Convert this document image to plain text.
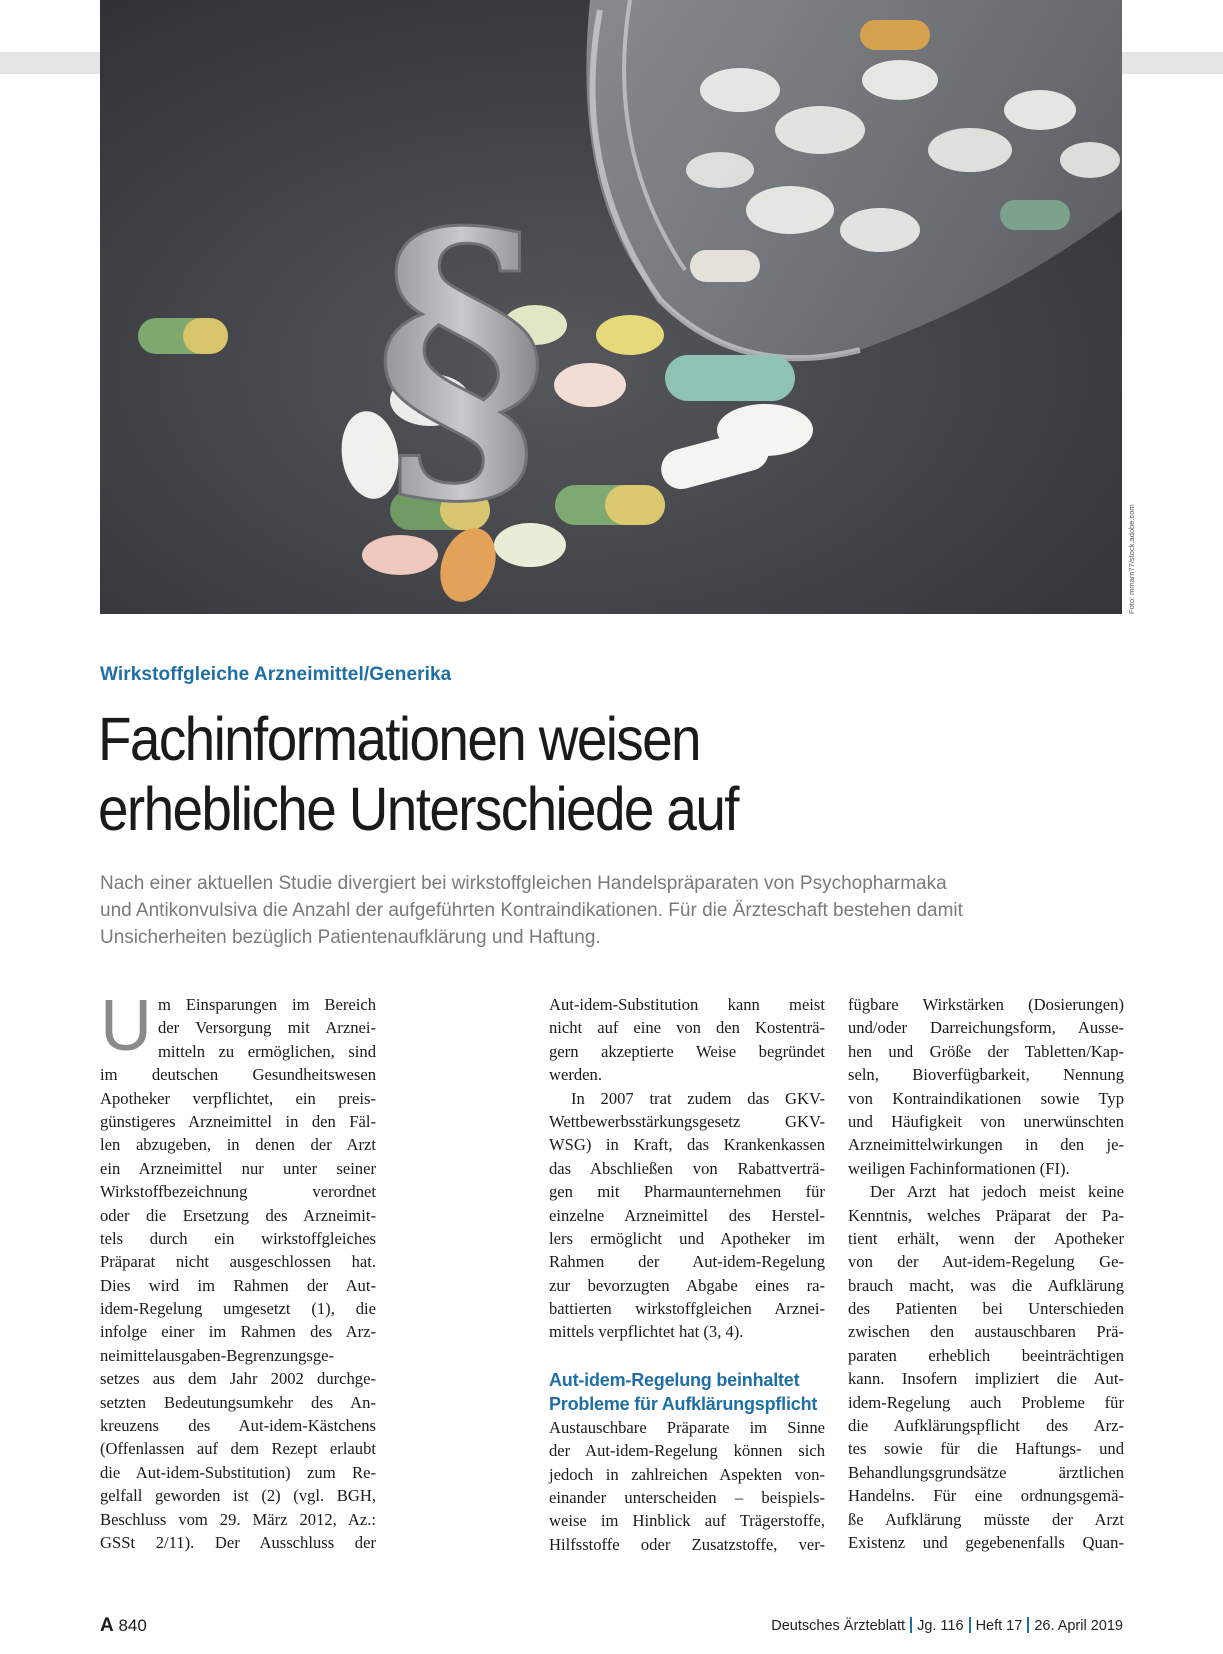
§
Foto: mmarn77/stock.adobe.com
Wirkstoffgleiche Arzneimittel/Generika
Fachinformationen weisen
erhebliche Unterschiede auf
Nach einer aktuellen Studie divergiert bei wirkstoffgleichen Handelspräparaten von Psychopharmaka
und Antikonvulsiva die Anzahl der aufgeführten Kontraindikationen. Für die Ärzteschaft bestehen damit
Unsicherheiten bezüglich Patientenaufklärung und Haftung.
U m Einsparungen im Bereich
der Versorgung mit Arznei-
mitteln zu ermöglichen, sind
im deutschen Gesundheitswesen
Apotheker verpflichtet, ein preis-
günstigeres Arzneimittel in den Fäl-
len abzugeben, in denen der Arzt
ein Arzneimittel nur unter seiner
Wirkstoffbezeichnung verordnet
oder die Ersetzung des Arzneimit-
tels durch ein wirkstoffgleiches
Präparat nicht ausgeschlossen hat.
Dies wird im Rahmen der Aut-
idem-Regelung umgesetzt (1), die
infolge einer im Rahmen des Arz-
neimittelausgaben-Begrenzungsge-
setzes aus dem Jahr 2002 durchge-
setzten Bedeutungsumkehr des An-
kreuzens des Aut-idem-Kästchens
(Offenlassen auf dem Rezept erlaubt
die Aut-idem-Substitution) zum Re-
gelfall geworden ist (2) (vgl. BGH,
Beschluss vom 29. März 2012, Az.:
GSSt 2/11). Der Ausschluss der
Aut-idem-Substitution kann meist
nicht auf eine von den Kostenträ-
gern akzeptierte Weise begründet
werden.
In 2007 trat zudem das GKV-
Wettbewerbsstärkungsgesetz GKV-
WSG) in Kraft, das Krankenkassen
das Abschließen von Rabattverträ-
gen mit Pharmaunternehmen für
einzelne Arzneimittel des Herstel-
lers ermöglicht und Apotheker im
Rahmen der Aut-idem-Regelung
zur bevorzugten Abgabe eines ra-
battierten wirkstoffgleichen Arznei-
mittels verpflichtet hat (3, 4).
Aut-idem-Regelung beinhaltet
Probleme für Aufklärungspflicht
Austauschbare Präparate im Sinne
der Aut-idem-Regelung können sich
jedoch in zahlreichen Aspekten von-
einander unterscheiden – beispiels-
weise im Hinblick auf Trägerstoffe,
Hilfsstoffe oder Zusatzstoffe, ver-
fügbare Wirkstärken (Dosierungen)
und/oder Darreichungsform, Ausse-
hen und Größe der Tabletten/Kap-
seln, Bioverfügbarkeit, Nennung
von Kontraindikationen sowie Typ
und Häufigkeit von unerwünschten
Arzneimittelwirkungen in den je-
weiligen Fachinformationen (FI).
Der Arzt hat jedoch meist keine
Kenntnis, welches Präparat der Pa-
tient erhält, wenn der Apotheker
von der Aut-idem-Regelung Ge-
brauch macht, was die Aufklärung
des Patienten bei Unterschieden
zwischen den austauschbaren Prä-
paraten erheblich beeinträchtigen
kann. Insofern impliziert die Aut-
idem-Regelung auch Probleme für
die Aufklärungspflicht des Arz-
tes sowie für die Haftungs- und
Behandlungsgrundsätze ärztlichen
Handelns. Für eine ordnungsgemä-
ße Aufklärung müsste der Arzt
Existenz und gegebenenfalls Quan-
A 840	Deutsches Ärzteblatt Jg. 116 Heft 17 26. April 2019
